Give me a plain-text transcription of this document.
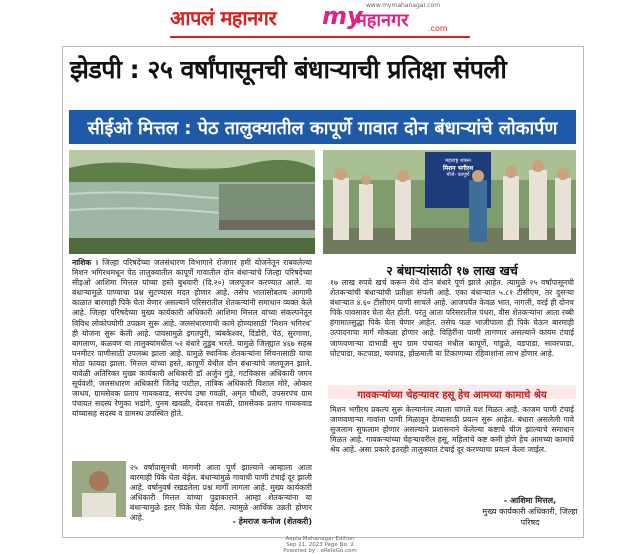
आपलं महानगर my
महानगर .com
www.mymahanagar.com
झेडपी : २५ वर्षांपासूनची बंधाऱ्याची प्रतिक्षा संपली
सीईओ मित्तल : पेठ तालुक्यातील कापूर्णे गावात दोन बंधाऱ्यांचे लोकार्पण
महाराष्ट्र शासन
मिशन भगीरथ
मौजे- कापूर्णे
नाशिक । जिल्हा परिषदेच्या जलसंधारण विभागाने रोजगार हमी योजनेतून राबवलेल्या मिशन भगिरथमधून पेठ तालुक्यातील कापूर्णे गावातील दोन बंधाऱ्यांचे जिल्हा परिषदेच्या सीइओ आशिमा मित्तल यांच्या हस्ते बुधवारी (दि.२०) जलपूजन करण्यात आले. या बंधाऱ्यामुळे पाण्याचा प्रश्न सुटण्यास मदत होणार आहे. तसेच भातासोबतच आगामी काळात बारमाही पिके घेता येणार असल्याने परिसरातील शेतकऱ्यांनी समाधान व्यक्त केले आहे. जिल्हा परिषदेच्या मुख्य कार्यकारी अधिकारी आशिमा मित्तल यांच्या संकल्पनेतून विविध लोकोपयोगी उपक्रम सुरू आहे. जलसंधारणाची कामे होण्यासाठी 'मिशन भगिरथ' ही योजना सुरू केली आहे. पावसामुळे इगतपुरी, त्र्यंबकेश्वर, दिंडोरी, पेठ, सुरगाणा, बागलाण, कळवण या तालुक्यांमधील ५२ बंधारे तुडुंब भरले. यामुळे जिल्ह्यात ४६७ सहस्र घनमीटर पाणीसाठी उपलब्ध झाला आहे. यामुळे स्थानिक शेतकऱ्यांना सिंचनासाठी याचा मोठा फायदा झाला. मित्तल यांच्या हस्ते, कापूर्णे येथील दोन बंधाऱ्यांचे जलपूजन झाले. यावेळी अतिरिक्त मुख्य कार्यकारी अधिकारी डॉ अर्जुन गुंडे, गटविकास अधिकारी जगन सूर्यवंशी, जलसंधारण अधिकारी जितेंद्र पाटील, तांत्रिक अधिकारी विशाल मोरे, ओकार जाधव, ग्रामसेवक प्रताप गायकवाड, सरपंच उषा गवळी, अमृत चौधरी, उपसरपंच ग्राम पंचायत सदस्य रेणुका भडांगे, पुनम खवळी, देवदत्त गवळी, ग्रामसेवक प्रताप गायकवाड यांच्यासह सदस्य व ग्रामस्थ उपस्थित होते.
२५ वर्षांपासूनची मागणी आता पूर्ण झाल्याने आम्हाला आता बारमाही पिके घेता येईल. बंधाऱ्यांमुळे गावाची पाणी टंचाई दूर झाली आहे. वर्षानुवर्ष रखडलेला प्रश्न मार्गी लागला आहे. मुख्य कार्यकारी अधिकारी मित्तल यांच्या पुढाकाराने आम्हा शेतकऱ्यांना या बंधाऱ्यामुळे इतर पिके घेता येईल. त्यामुळे आर्थिक उन्नती होणार आहे.	- हेमराज कनोज (शेतकरी)
२ बंधाऱ्यांसाठी १७ लाख खर्च
१७ लाख रुपये खर्च करून येथे दोन बंधारे पूर्ण झाले आहेत. त्यामुळे २५ वर्षांपासूनची शेतकऱ्यांची बंधाऱ्यांची प्रतीक्षा संपली आहे. एका बंधाऱ्यात ५.८१ टीसीएम, तर दुसऱ्या बंधाऱ्यात ४.६० टीसीएम पाणी साचले आहे. आजपर्यंत केवळ भात, नागली, वरई ही दोनच पिके पावसावर घेता येत होती. परंतु आता परिसरातील पंधरा, वीस शेतकऱ्यांना आता रब्बी हंगामातसुद्धा पिके घेता येणार आहेत. तसेच फळ भाजीपाला ही पिके घेऊन बारमाही उत्पादनाचा मार्ग मोकळा होणार आहे. विहिरींना पाणी लागणार असल्याने कायम टंचाई जाणवणाऱ्या दाभाडी सुप ग्राम पंचायत मधील कापूर्णे, गांडुळे, वडपाडा, सावरपाडा, घोटपाडा, कटपाडा, चवपाड, होळमाती या टिकाणच्या रहिवाशांना लाभ होणार आहे.
गावकऱ्यांच्या चेहऱ्यावर हसू हेच आमच्या कामाचे श्रेय
मिशन भगीरथ प्रकल्प सुरू केल्यानंतर त्याला चांगले यश मिळत आहे. काजम पाणी टंचाई जाणवणाऱ्या गावांना पाणी मिळावून देण्यासाठी प्रयत्न सुरू आहेत. बंधारा असलेली गावे सुजलाम सुफलाम होणार असल्याने प्रशासनाने केलेल्या कष्टाचे चीज झाल्याचे समाधान मिळत आहे. गावकऱ्यांच्या चेहऱ्यावरील हसू, महिलांचे कष्ट कमी होणे हेच आमच्या कामाचे श्रेय आहे. असा प्रकारे इतरही तालुक्यात टंचाई दूर करण्याचा प्रयत्न केला जाईल.
- आशिमा मित्तल,
मुख्य कार्यकारी अधिकारी, जिल्हा परिषद
Aapla Mahanagar Edition
Sep 21, 2023 Page No. 2
Powered by : eReleGo.com
